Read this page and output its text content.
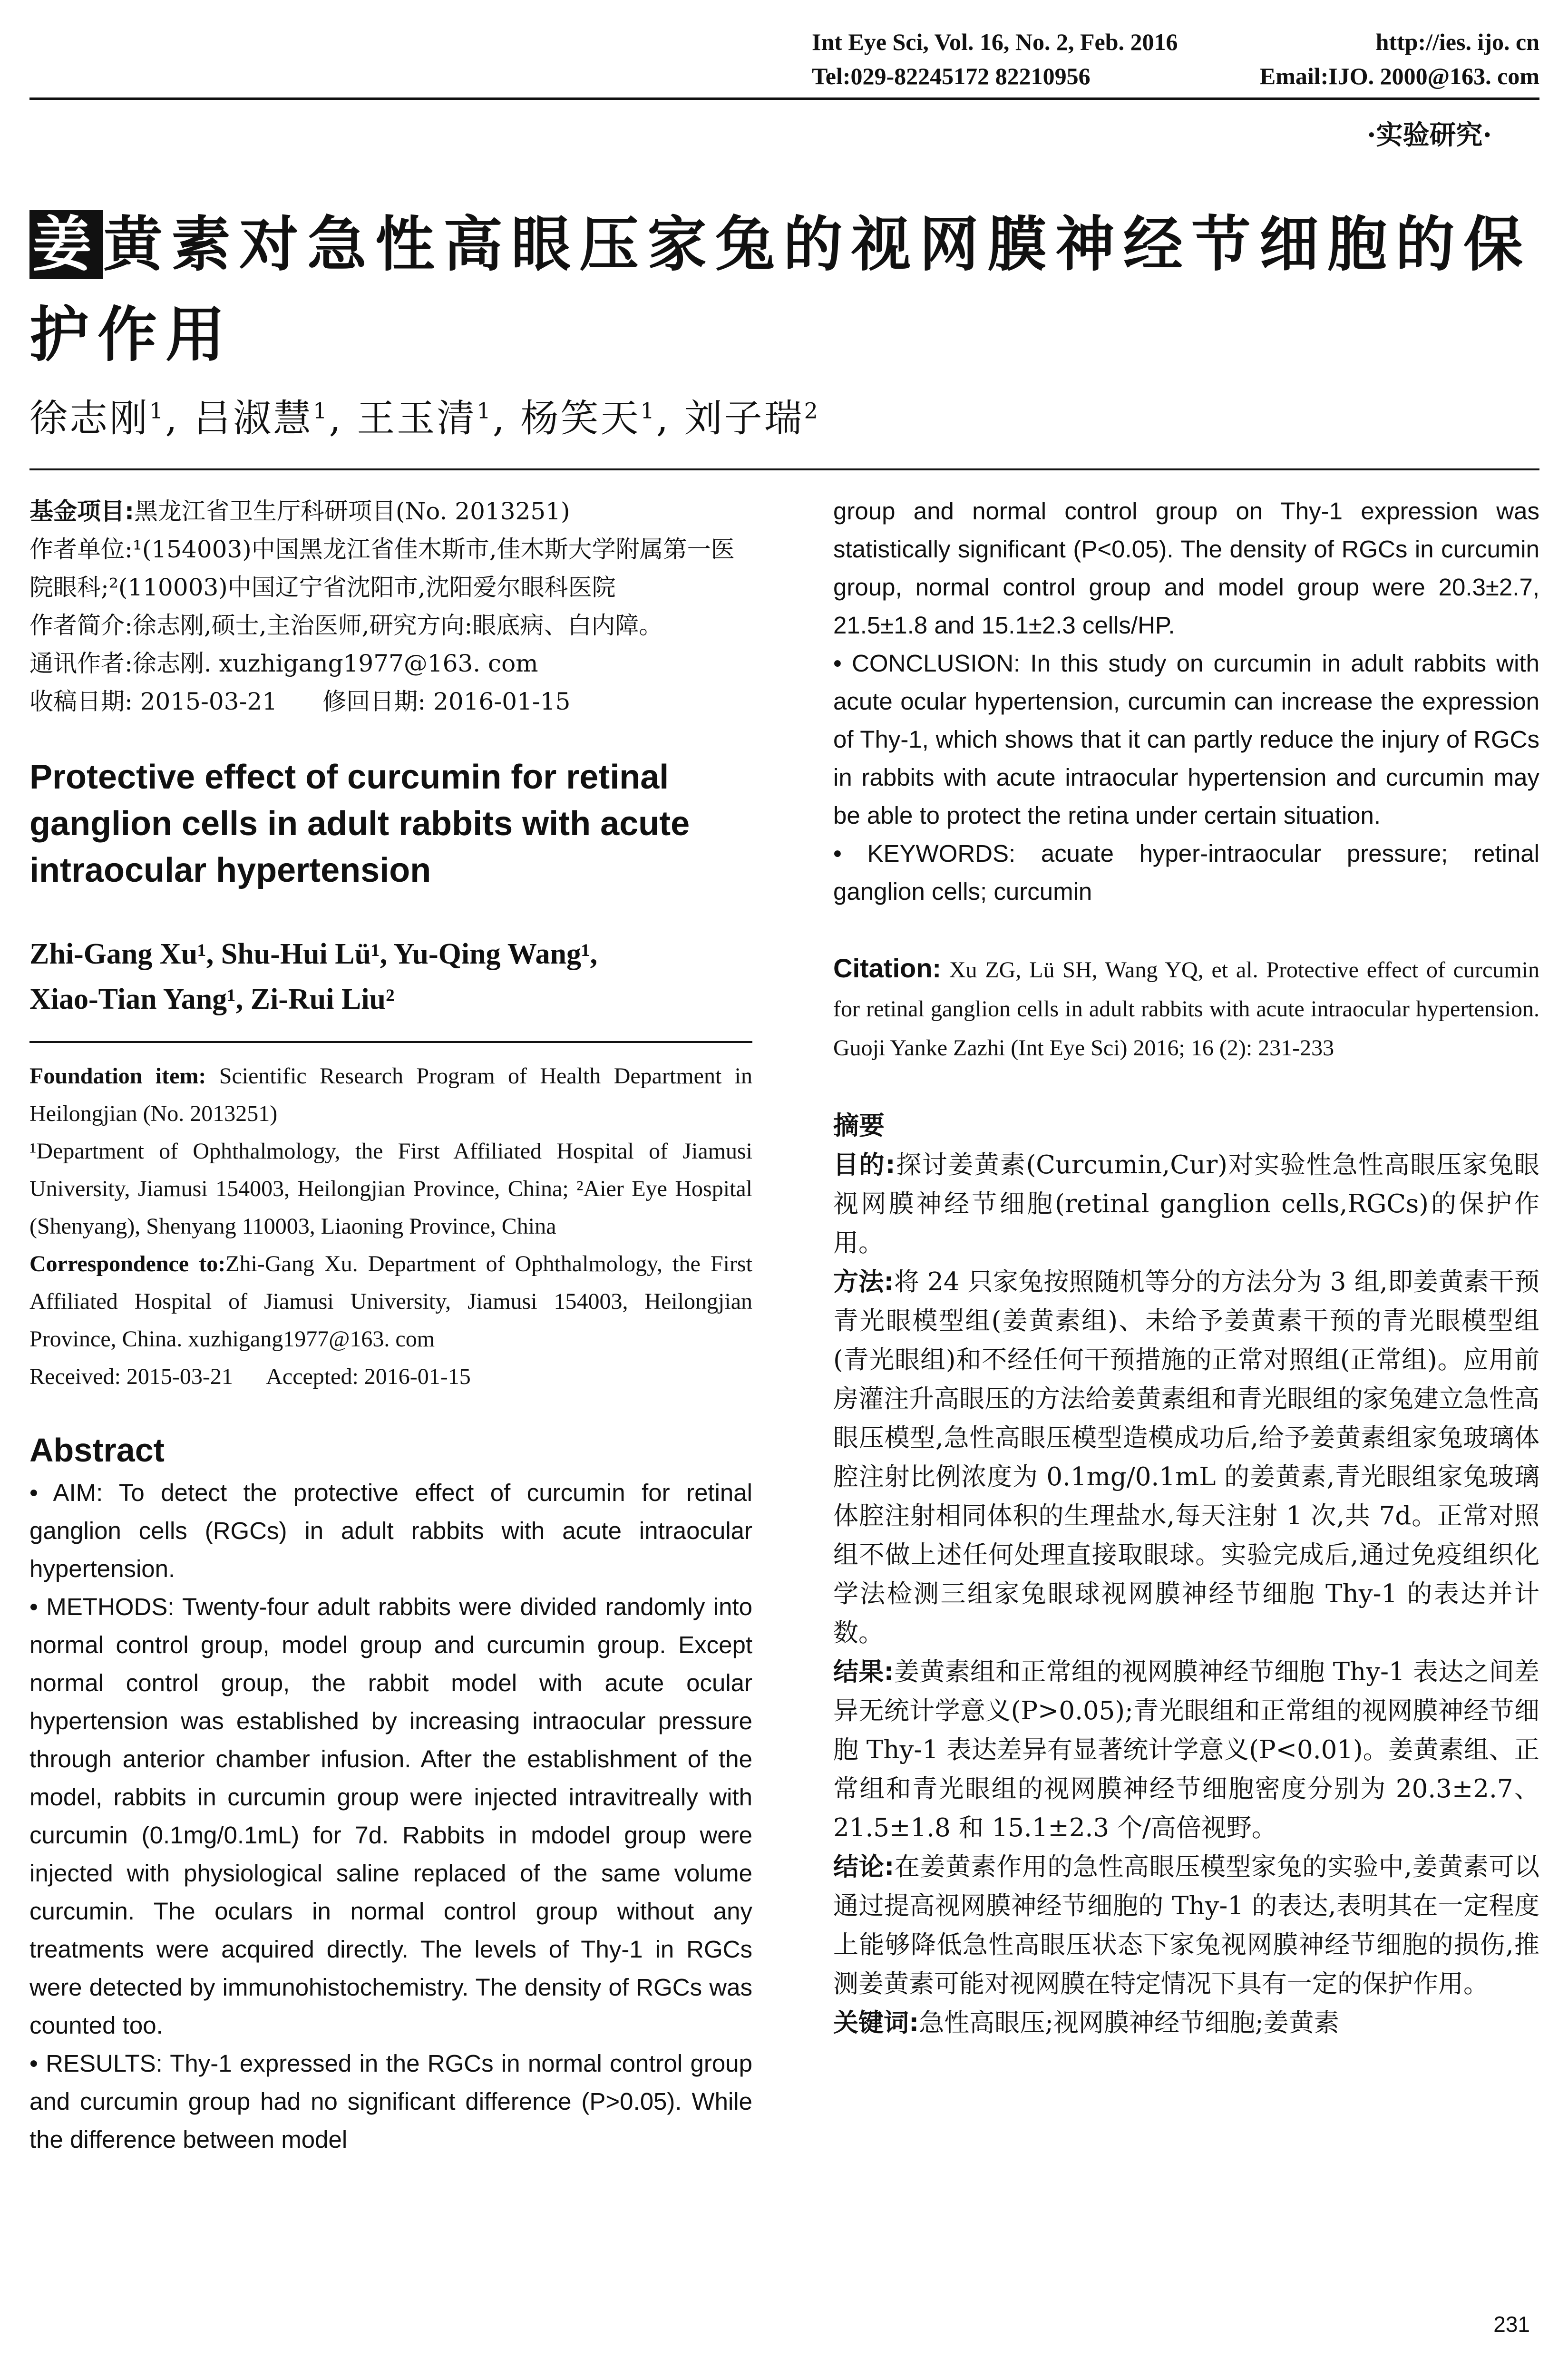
Int Eye Sci, Vol. 16, No. 2, Feb. 2016	http://ies. ijo. cn
Tel:029-82245172 82210956	Email:IJO. 2000@163. com
·实验研究·
姜黄素对急性高眼压家兔的视网膜神经节细胞的保护作用
徐志刚$^1$, 吕淑慧$^1$, 王玉清$^1$, 杨笑天$^1$, 刘子瑞$^2$

基金项目:黑龙江省卫生厅科研项目(No. 2013251)

作者单位:¹(154003)中国黑龙江省佳木斯市,佳木斯大学附属第一医院眼科;²(110003)中国辽宁省沈阳市,沈阳爱尔眼科医院

作者简介:徐志刚,硕士,主治医师,研究方向:眼底病、白内障。

通讯作者:徐志刚. xuzhigang1977@163. com

收稿日期: 2015-03-21      修回日期: 2016-01-15

Protective effect of curcumin for retinal ganglion cells in adult rabbits with acute intraocular hypertension
Zhi-Gang Xu¹, Shu-Hui Lü¹, Yu-Qing Wang¹,
Xiao-Tian Yang¹, Zi-Rui Liu²

Foundation item: Scientific Research Program of Health Department in Heilongjian (No. 2013251)

¹Department of Ophthalmology, the First Affiliated Hospital of Jiamusi University, Jiamusi 154003, Heilongjian Province, China; ²Aier Eye Hospital (Shenyang), Shenyang 110003, Liaoning Province, China

Correspondence to:Zhi-Gang Xu. Department of Ophthalmology, the First Affiliated Hospital of Jiamusi University, Jiamusi 154003, Heilongjian Province, China. xuzhigang1977@163. com

Received: 2015-03-21      Accepted: 2016-01-15

Abstract

• AIM: To detect the protective effect of curcumin for retinal ganglion cells (RGCs) in adult rabbits with acute intraocular hypertension.

• METHODS: Twenty-four adult rabbits were divided randomly into normal control group, model group and curcumin group. Except normal control group, the rabbit model with acute ocular hypertension was established by increasing intraocular pressure through anterior chamber infusion. After the establishment of the model, rabbits in curcumin group were injected intravitreally with curcumin (0.1mg/0.1mL) for 7d. Rabbits in mdodel group were injected with physiological saline replaced of the same volume curcumin. The oculars in normal control group without any treatments were acquired directly. The levels of Thy-1 in RGCs were detected by immunohistochemistry. The density of RGCs was counted too.

• RESULTS: Thy-1 expressed in the RGCs in normal control group and curcumin group had no significant difference (P>0.05). While the difference between model

group and normal control group on Thy-1 expression was statistically significant (P<0.05). The density of RGCs in curcumin group, normal control group and model group were 20.3±2.7, 21.5±1.8 and 15.1±2.3 cells/HP.

• CONCLUSION: In this study on curcumin in adult rabbits with acute ocular hypertension, curcumin can increase the expression of Thy-1, which shows that it can partly reduce the injury of RGCs in rabbits with acute intraocular hypertension and curcumin may be able to protect the retina under certain situation.

• KEYWORDS: acuate hyper-intraocular pressure; retinal ganglion cells; curcumin

Citation: Xu ZG, Lü SH, Wang YQ, et al. Protective effect of curcumin for retinal ganglion cells in adult rabbits with acute intraocular hypertension. Guoji Yanke Zazhi (Int Eye Sci) 2016; 16 (2): 231-233
摘要

目的:探讨姜黄素(Curcumin,Cur)对实验性急性高眼压家兔眼视网膜神经节细胞(retinal ganglion cells,RGCs)的保护作用。

方法:将 24 只家兔按照随机等分的方法分为 3 组,即姜黄素干预青光眼模型组(姜黄素组)、未给予姜黄素干预的青光眼模型组(青光眼组)和不经任何干预措施的正常对照组(正常组)。应用前房灌注升高眼压的方法给姜黄素组和青光眼组的家兔建立急性高眼压模型,急性高眼压模型造模成功后,给予姜黄素组家兔玻璃体腔注射比例浓度为 0.1mg/0.1mL 的姜黄素,青光眼组家兔玻璃体腔注射相同体积的生理盐水,每天注射 1 次,共 7d。正常对照组不做上述任何处理直接取眼球。实验完成后,通过免疫组织化学法检测三组家兔眼球视网膜神经节细胞 Thy-1 的表达并计数。

结果:姜黄素组和正常组的视网膜神经节细胞 Thy-1 表达之间差异无统计学意义(P>0.05);青光眼组和正常组的视网膜神经节细胞 Thy-1 表达差异有显著统计学意义(P<0.01)。姜黄素组、正常组和青光眼组的视网膜神经节细胞密度分别为 20.3±2.7、21.5±1.8 和 15.1±2.3 个/高倍视野。

结论:在姜黄素作用的急性高眼压模型家兔的实验中,姜黄素可以通过提高视网膜神经节细胞的 Thy-1 的表达,表明其在一定程度上能够降低急性高眼压状态下家兔视网膜神经节细胞的损伤,推测姜黄素可能对视网膜在特定情况下具有一定的保护作用。

关键词:急性高眼压;视网膜神经节细胞;姜黄素

231
